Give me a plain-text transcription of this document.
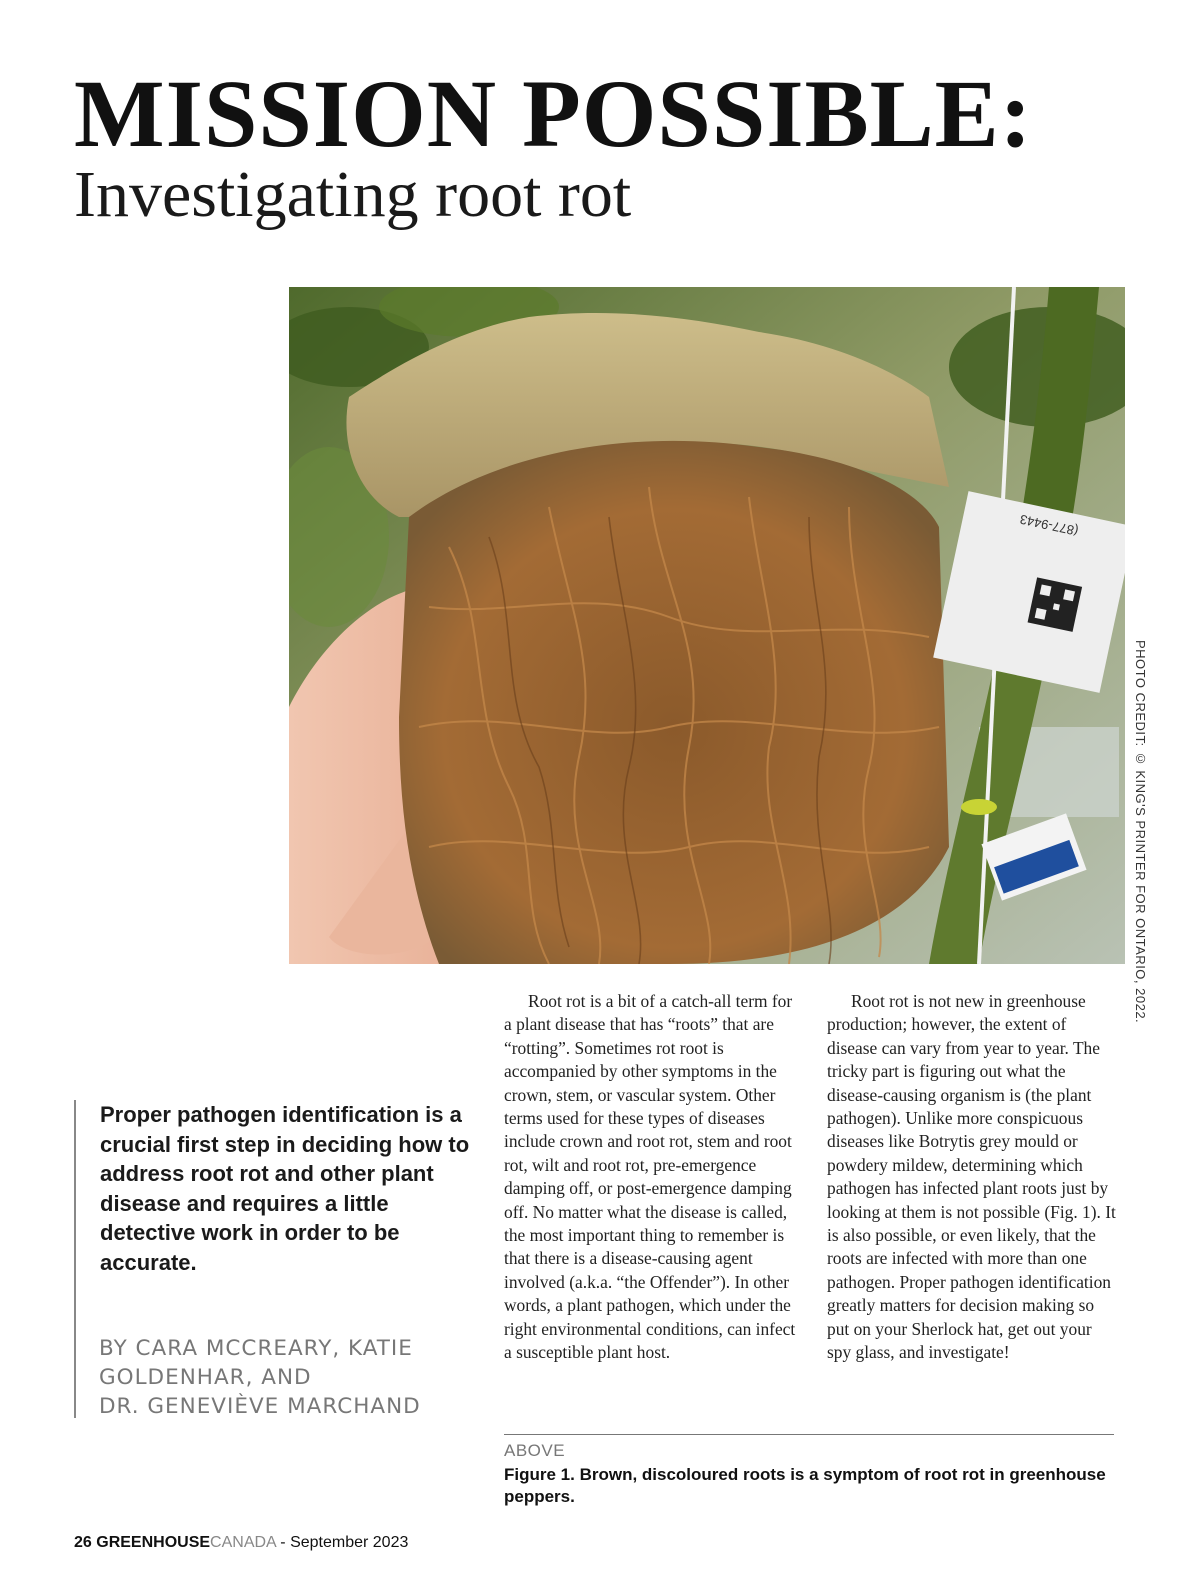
MISSION POSSIBLE:
Investigating root rot
(877-9443
PHOTO CREDIT: © KING'S PRINTER FOR ONTARIO, 2022.

Proper pathogen identification is a crucial first step in deciding how to address root rot and other plant disease and requires a little detective work in order to be accurate.

BY CARA MCCREARY, KATIE
GOLDENHAR, AND
DR. GENEVIÈVE MARCHAND

Root rot is a bit of a catch-all term for a plant disease that has “roots” that are “rotting”. Sometimes rot root is accompanied by other symptoms in the crown, stem, or vascular system. Other terms used for these types of diseases include crown and root rot, stem and root rot, wilt and root rot, pre-emergence damping off, or post-emergence damping off. No matter what the disease is called, the most important thing to remember is that there is a disease-causing agent involved (a.k.a. “the Offender”). In other words, a plant pathogen, which under the right environmental conditions, can infect a susceptible plant host.

Root rot is not new in greenhouse production; however, the extent of disease can vary from year to year. The tricky part is figuring out what the disease-causing organism is (the plant pathogen). Unlike more conspicuous diseases like Botrytis grey mould or powdery mildew, determining which pathogen has infected plant roots just by looking at them is not possible (Fig. 1). It is also possible, or even likely, that the roots are infected with more than one pathogen. Proper pathogen identification greatly matters for decision making so put on your Sherlock hat, get out your spy glass, and investigate!

ABOVE

Figure 1. Brown, discoloured roots is a symptom of root rot in greenhouse peppers.

26 GREENHOUSECANADA - September 2023
